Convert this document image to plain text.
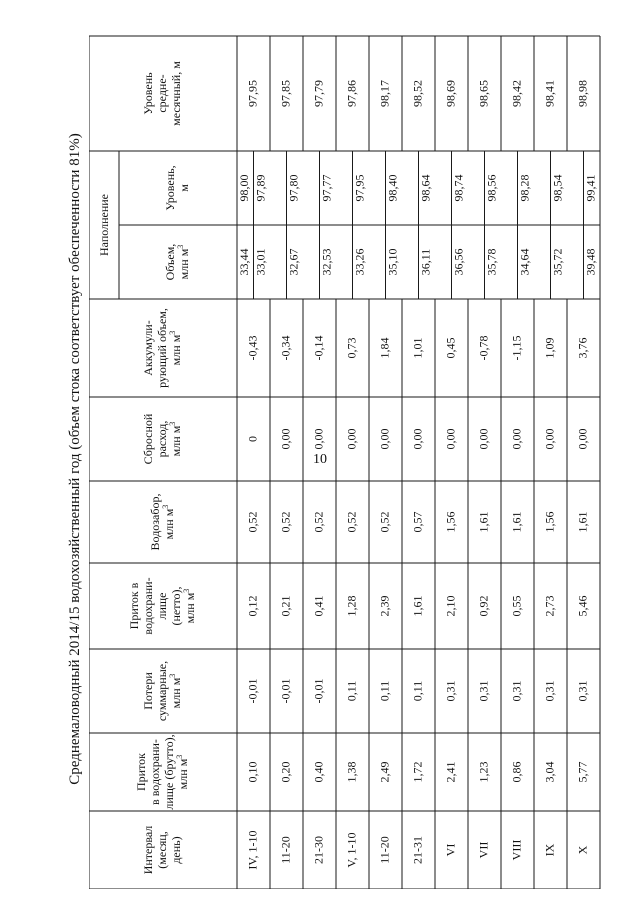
10
Среднемаловодный 2014/15 водохозяйственный год (объем стока соответствует обеспеченности 81%)	Наполнение
Интервал (месяц, день)
Приток в водохрани- лище (брутто), млн $м^3$
Потери суммарные, млн $м^3$
Приток в водохрани- лище (нетто), млн $м^3$
Водозабор, млн $м^3$
Сбросной расход, млн $м^3$
Аккумули- рующий объем, млн $м^3$
Объем, млн $м^3$
Уровень, м
Уровень средне- месячный, м
IV, 1-10
0,10
-0,01
0,12
0,52
0
-0,43
33,44 33,01
98,00 97,89
97,95
11-20
0,20
-0,01
0,21
0,52
0,00
-0,34
32,67
97,80
97,85
21-30
0,40
-0,01
0,41
0,52
0,00
-0,14
32,53
97,77
97,79
V, 1-10
1,38
0,11
1,28
0,52
0,00
0,73
33,26
97,95
97,86
11-20
2,49
0,11
2,39
0,52
0,00
1,84
35,10
98,40
98,17
21-31
1,72
0,11
1,61
0,57
0,00
1,01
36,11
98,64
98,52
VI
2,41
0,31
2,10
1,56
0,00
0,45
36,56
98,74
98,69
VII
1,23
0,31
0,92
1,61
0,00
-0,78
35,78
98,56
98,65
VIII
0,86
0,31
0,55
1,61
0,00
-1,15
34,64
98,28
98,42
IX
3,04
0,31
2,73
1,56
0,00
1,09
35,72
98,54
98,41
X
5,77
0,31
5,46
1,61
0,00
3,76
39,48
99,41
98,98
